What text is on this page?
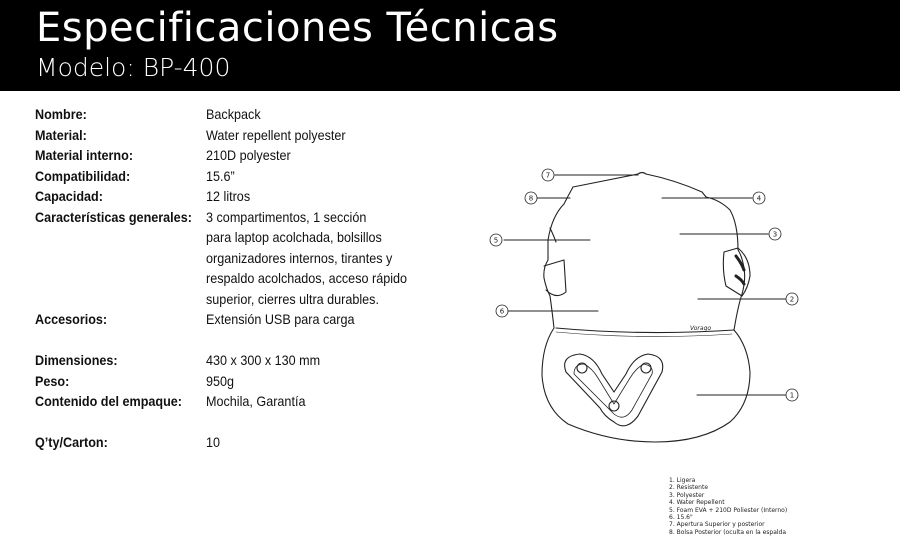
Especificaciones Técnicas
Modelo: BP-400
Nombre:	Backpack
Material:	Water repellent polyester
Material interno:	210D polyester
Compatibilidad:	15.6”
Capacidad:	12 litros
Características generales:	3 compartimentos, 1 sección
para laptop acolchada, bolsillos
organizadores internos, tirantes y
respaldo acolchados, acceso rápido
superior, cierres ultra durables.
Accesorios:	Extensión USB para carga
Dimensiones:	430 x 300 x 130 mm
Peso:	950g
Contenido del empaque:	Mochila, Garantía
Q’ty/Carton:	10
Vorago
1
2
3
4
5
6
7
8
1. Ligera
2. Resistente
3. Polyester
4. Water Repellent
5. Foam EVA + 210D Poliester (Interno)
6. 15.6"
7. Apertura Superior y posterior
8. Bolsa Posterior (oculta en la espalda
